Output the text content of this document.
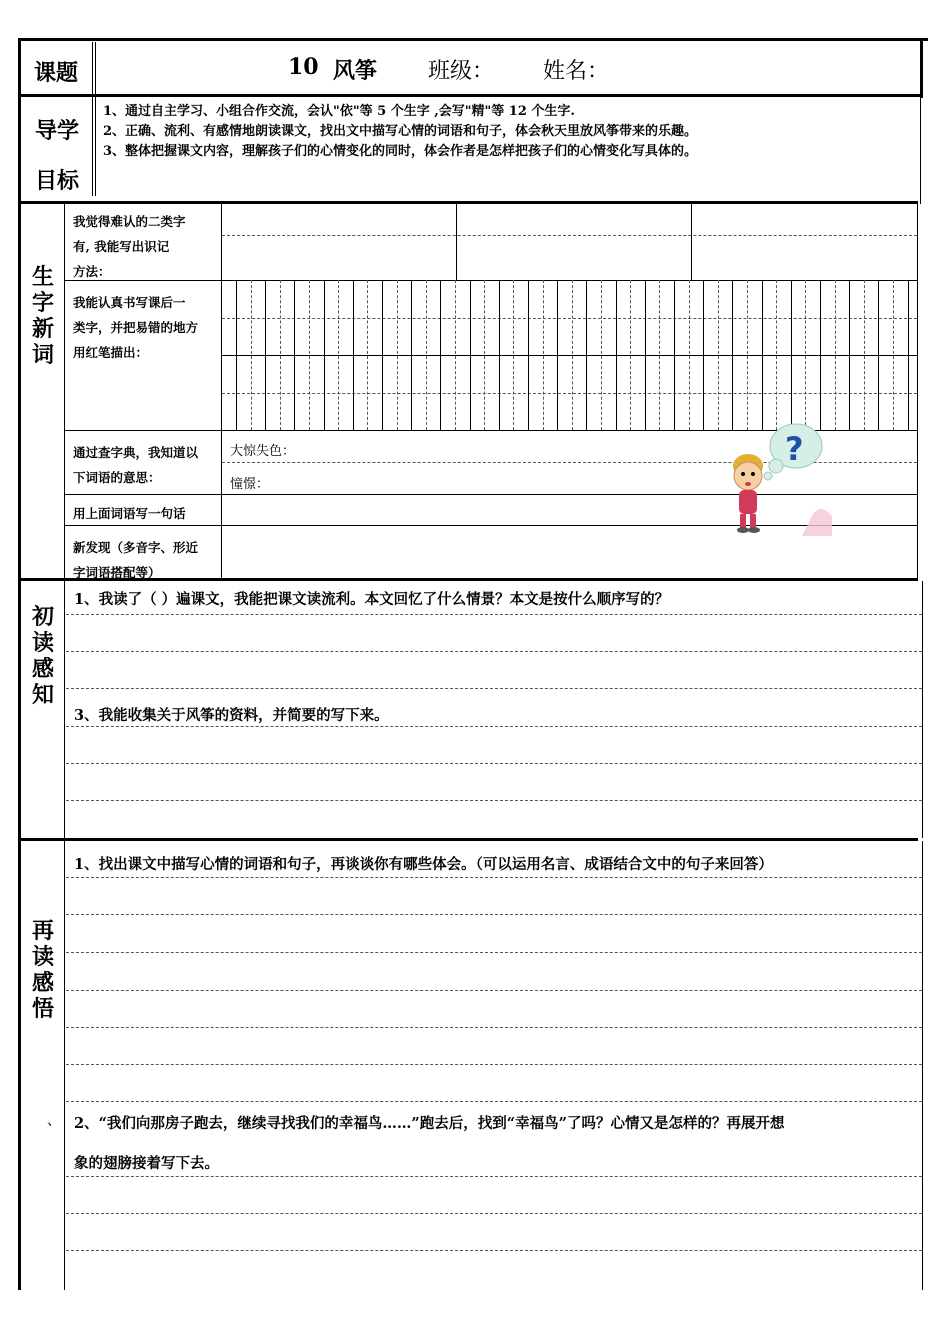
课题	10 风筝 班级： 姓名：
导学
目标
1、通过自主学习、小组合作交流，会认"依"等 5 个生字 ,会写"精"等 12 个生字.
2、正确、流利、有感情地朗读课文，找出文中描写心情的词语和句子，体会秋天里放风筝带来的乐趣。
3、整体把握课文内容，理解孩子们的心情变化的同时，体会作者是怎样把孩子们的心情变化写具体的。
生
字
新
词
我觉得难认的二类字
有, 我能写出识记
方法：
我能认真书写课后一
类字，并把易错的地方
用红笔描出：
通过查字典，我知道以
下词语的意思：
大惊失色：
憧憬：
用上面词语写一句话
新发现（多音字、形近
字词语搭配等）
?
初
读
感
知
1、我读了（ ）遍课文，我能把课文读流利。本文回忆了什么情景？本文是按什么顺序写的？
3、我能收集关于风筝的资料，并简要的写下来。
再
读
感
悟
、
1、找出课文中描写心情的词语和句子，再谈谈你有哪些体会。（可以运用名言、成语结合文中的句子来回答）
2、“我们向那房子跑去，继续寻找我们的幸福鸟……”跑去后，找到“幸福鸟”了吗？心情又是怎样的？再展开想
象的翅膀接着写下去。
